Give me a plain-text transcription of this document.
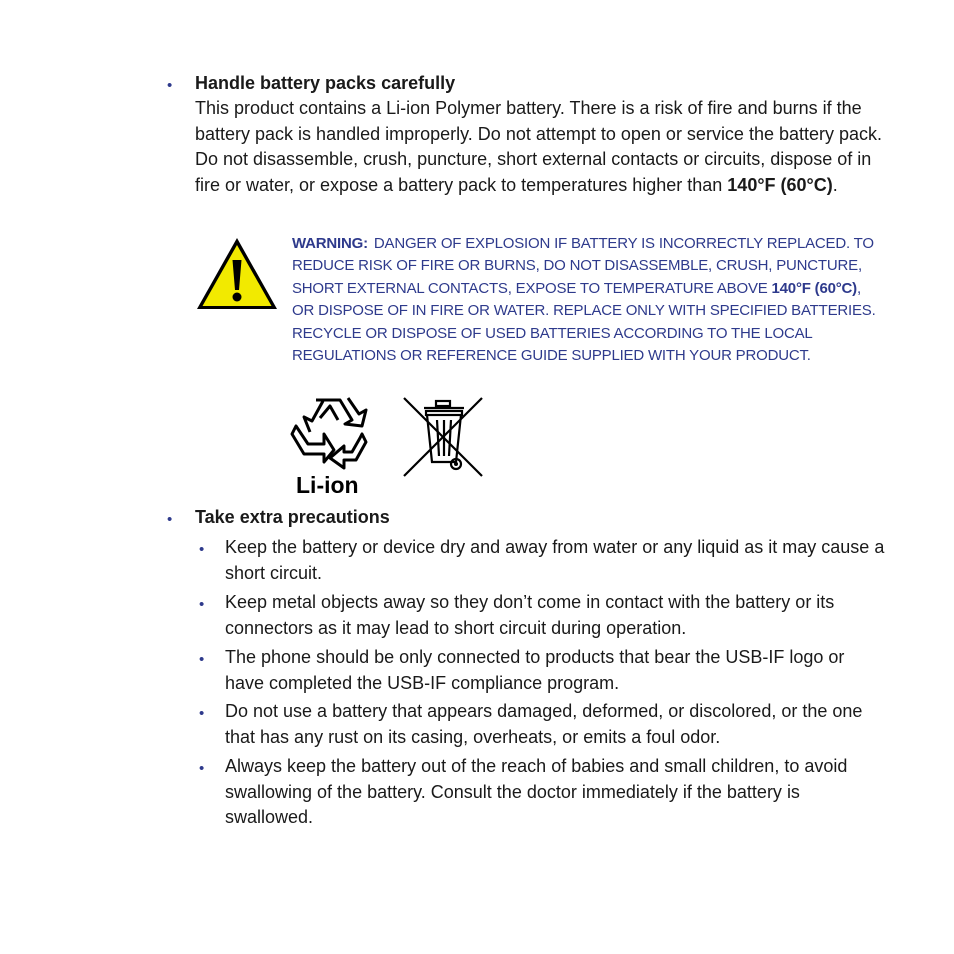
• Handle battery packs carefully
This product contains a Li-ion Polymer battery. There is a risk of fire and burns if the battery pack is handled improperly. Do not attempt to open or service the battery pack. Do not disassemble, crush, puncture, short external contacts or circuits, dispose of in fire or water, or expose a battery pack to temperatures higher than 140°F (60°C).
WARNING: DANGER OF EXPLOSION IF BATTERY IS INCORRECTLY REPLACED. TO REDUCE RISK OF FIRE OR BURNS, DO NOT DISASSEMBLE, CRUSH, PUNCTURE, SHORT EXTERNAL CONTACTS, EXPOSE TO TEMPERATURE ABOVE 140°F (60°C), OR DISPOSE OF IN FIRE OR WATER. REPLACE ONLY WITH SPECIFIED BATTERIES. RECYCLE OR DISPOSE OF USED BATTERIES ACCORDING TO THE LOCAL REGULATIONS OR REFERENCE GUIDE SUPPLIED WITH YOUR PRODUCT.
Li-ion
• Take extra precautions
• Keep the battery or device dry and away from water or any liquid as it may cause a short circuit.
• Keep metal objects away so they don’t come in contact with the battery or its connectors as it may lead to short circuit during operation.
• The phone should be only connected to products that bear the USB-IF logo or have completed the USB-IF compliance program.
• Do not use a battery that appears damaged, deformed, or discolored, or the one that has any rust on its casing, overheats, or emits a foul odor.
• Always keep the battery out of the reach of babies and small children, to avoid swallowing of the battery. Consult the doctor immediately if the battery is swallowed.
